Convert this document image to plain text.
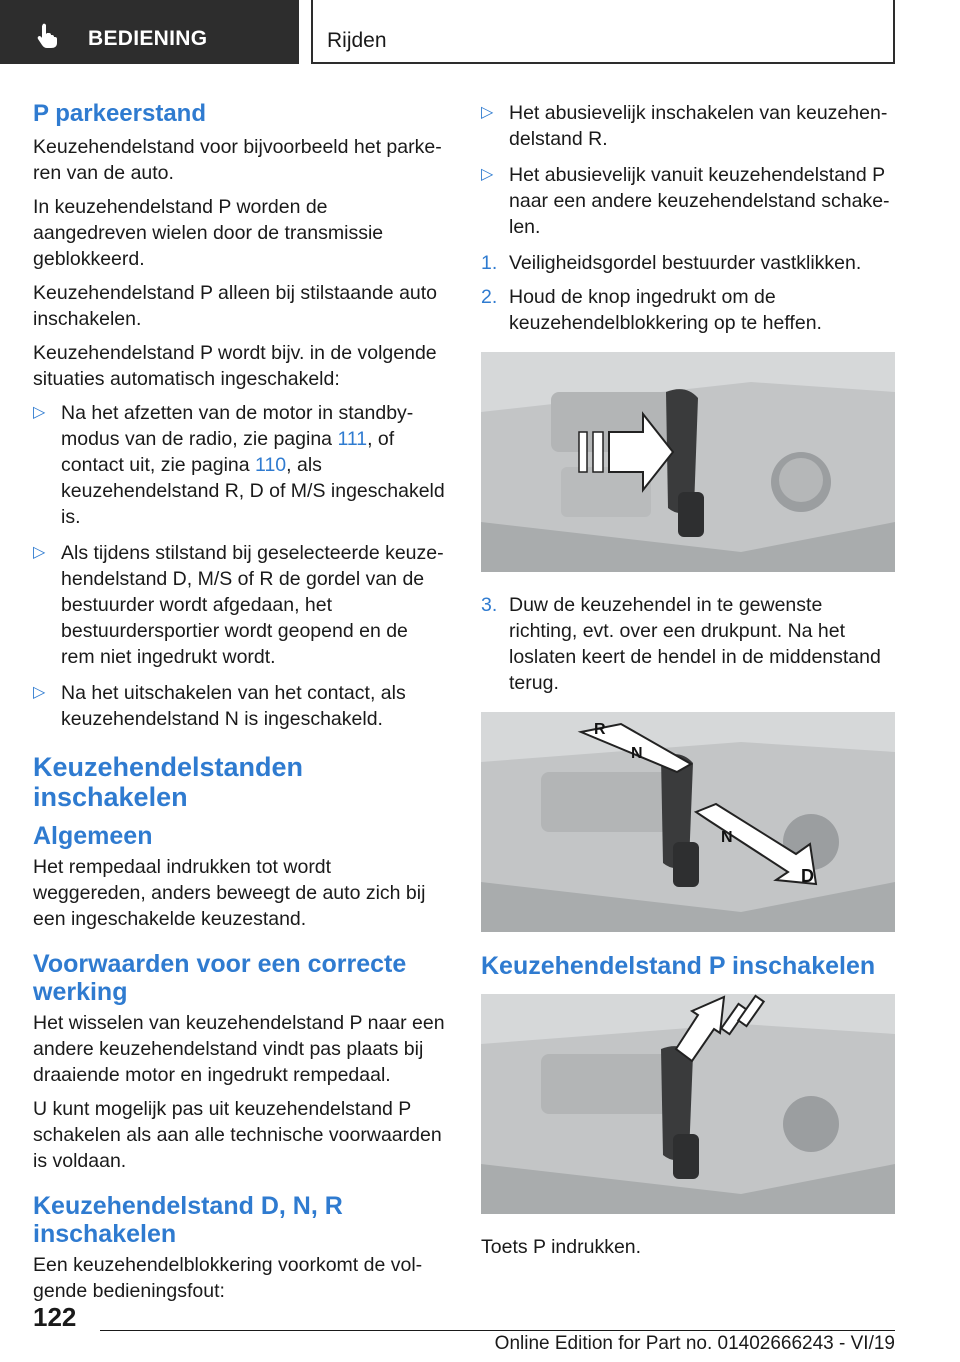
BEDIENING	Rijden
P parkeerstand

Keuzehendelstand voor bijvoorbeeld het parkeren van de auto.

In keuzehendelstand P worden de aangedreven wielen door de transmissie geblokkeerd.

Keuzehendelstand P alleen bij stilstaande auto inschakelen.

Keuzehendelstand P wordt bijv. in de volgende situaties automatisch ingeschakeld:

▷ Na het afzetten van de motor in standby-modus van de radio, zie pagina 111, of contact uit, zie pagina 110, als keuzehendelstand R, D of M/S ingeschakeld is.
▷ Als tijdens stilstand bij geselecteerde keuzehendelstand D, M/S of R de gordel van de bestuurder wordt afgedaan, het bestuurdersportier wordt geopend en de rem niet ingedrukt wordt.
▷ Na het uitschakelen van het contact, als keuzehendelstand N is ingeschakeld.
Keuzehendelstanden inschakelen
Algemeen

Het rempedaal indrukken tot wordt weggereden, anders beweegt de auto zich bij een ingeschakelde keuzestand.

Voorwaarden voor een correcte werking

Het wisselen van keuzehendelstand P naar een andere keuzehendelstand vindt pas plaats bij draaiende motor en ingedrukt rempedaal.

U kunt mogelijk pas uit keuzehendelstand P schakelen als aan alle technische voorwaarden is voldaan.

Keuzehendelstand D, N, R inschakelen

Een keuzehendelblokkering voorkomt de volgende bedieningsfout:

▷ Het abusievelijk inschakelen van keuzehendelstand R.
▷ Het abusievelijk vanuit keuzehendelstand P naar een andere keuzehendelstand schakelen.
1. Veiligheidsgordel bestuurder vastklikken.
2. Houd de knop ingedrukt om de keuzehendelblokkering op te heffen.
3. Duw de keuzehendel in te gewenste richting, evt. over een drukpunt. Na het loslaten keert de hendel in de middenstand terug.
R
N
N
D
Keuzehendelstand P inschakelen

Toets P indrukken.

122
Online Edition for Part no. 01402666243 - VI/19
